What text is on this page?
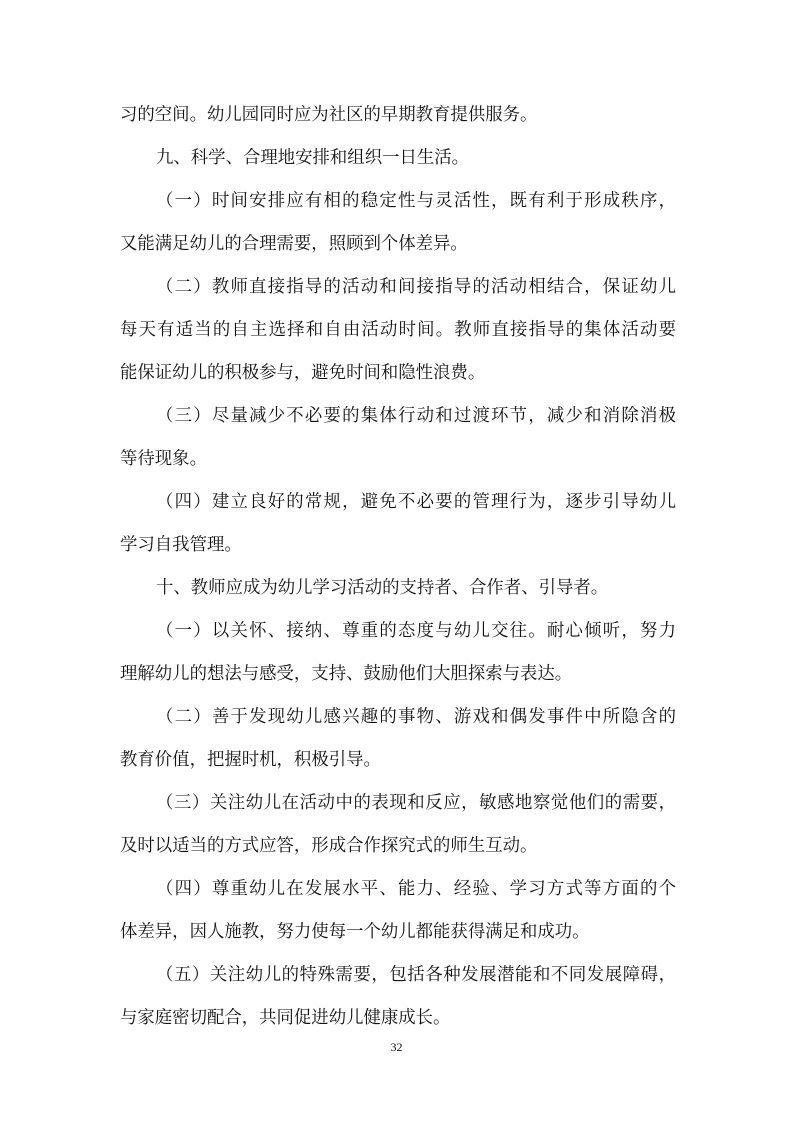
习的空间。幼儿园同时应为社区的早期教育提供服务。
九、科学、合理地安排和组织一日生活。
（一）时间安排应有相的稳定性与灵活性，既有利于形成秩序，
又能满足幼儿的合理需要，照顾到个体差异。
（二）教师直接指导的活动和间接指导的活动相结合，保证幼儿
每天有适当的自主选择和自由活动时间。教师直接指导的集体活动要
能保证幼儿的积极参与，避免时间和隐性浪费。
（三）尽量减少不必要的集体行动和过渡环节，减少和消除消极
等待现象。
（四）建立良好的常规，避免不必要的管理行为，逐步引导幼儿
学习自我管理。
十、教师应成为幼儿学习活动的支持者、合作者、引导者。
（一）以关怀、接纳、尊重的态度与幼儿交往。耐心倾听，努力
理解幼儿的想法与感受，支持、鼓励他们大胆探索与表达。
（二）善于发现幼儿感兴趣的事物、游戏和偶发事件中所隐含的
教育价值，把握时机，积极引导。
（三）关注幼儿在活动中的表现和反应，敏感地察觉他们的需要，
及时以适当的方式应答，形成合作探究式的师生互动。
（四）尊重幼儿在发展水平、能力、经验、学习方式等方面的个
体差异，因人施教，努力使每一个幼儿都能获得满足和成功。
（五）关注幼儿的特殊需要，包括各种发展潜能和不同发展障碍，
与家庭密切配合，共同促进幼儿健康成长。
32
